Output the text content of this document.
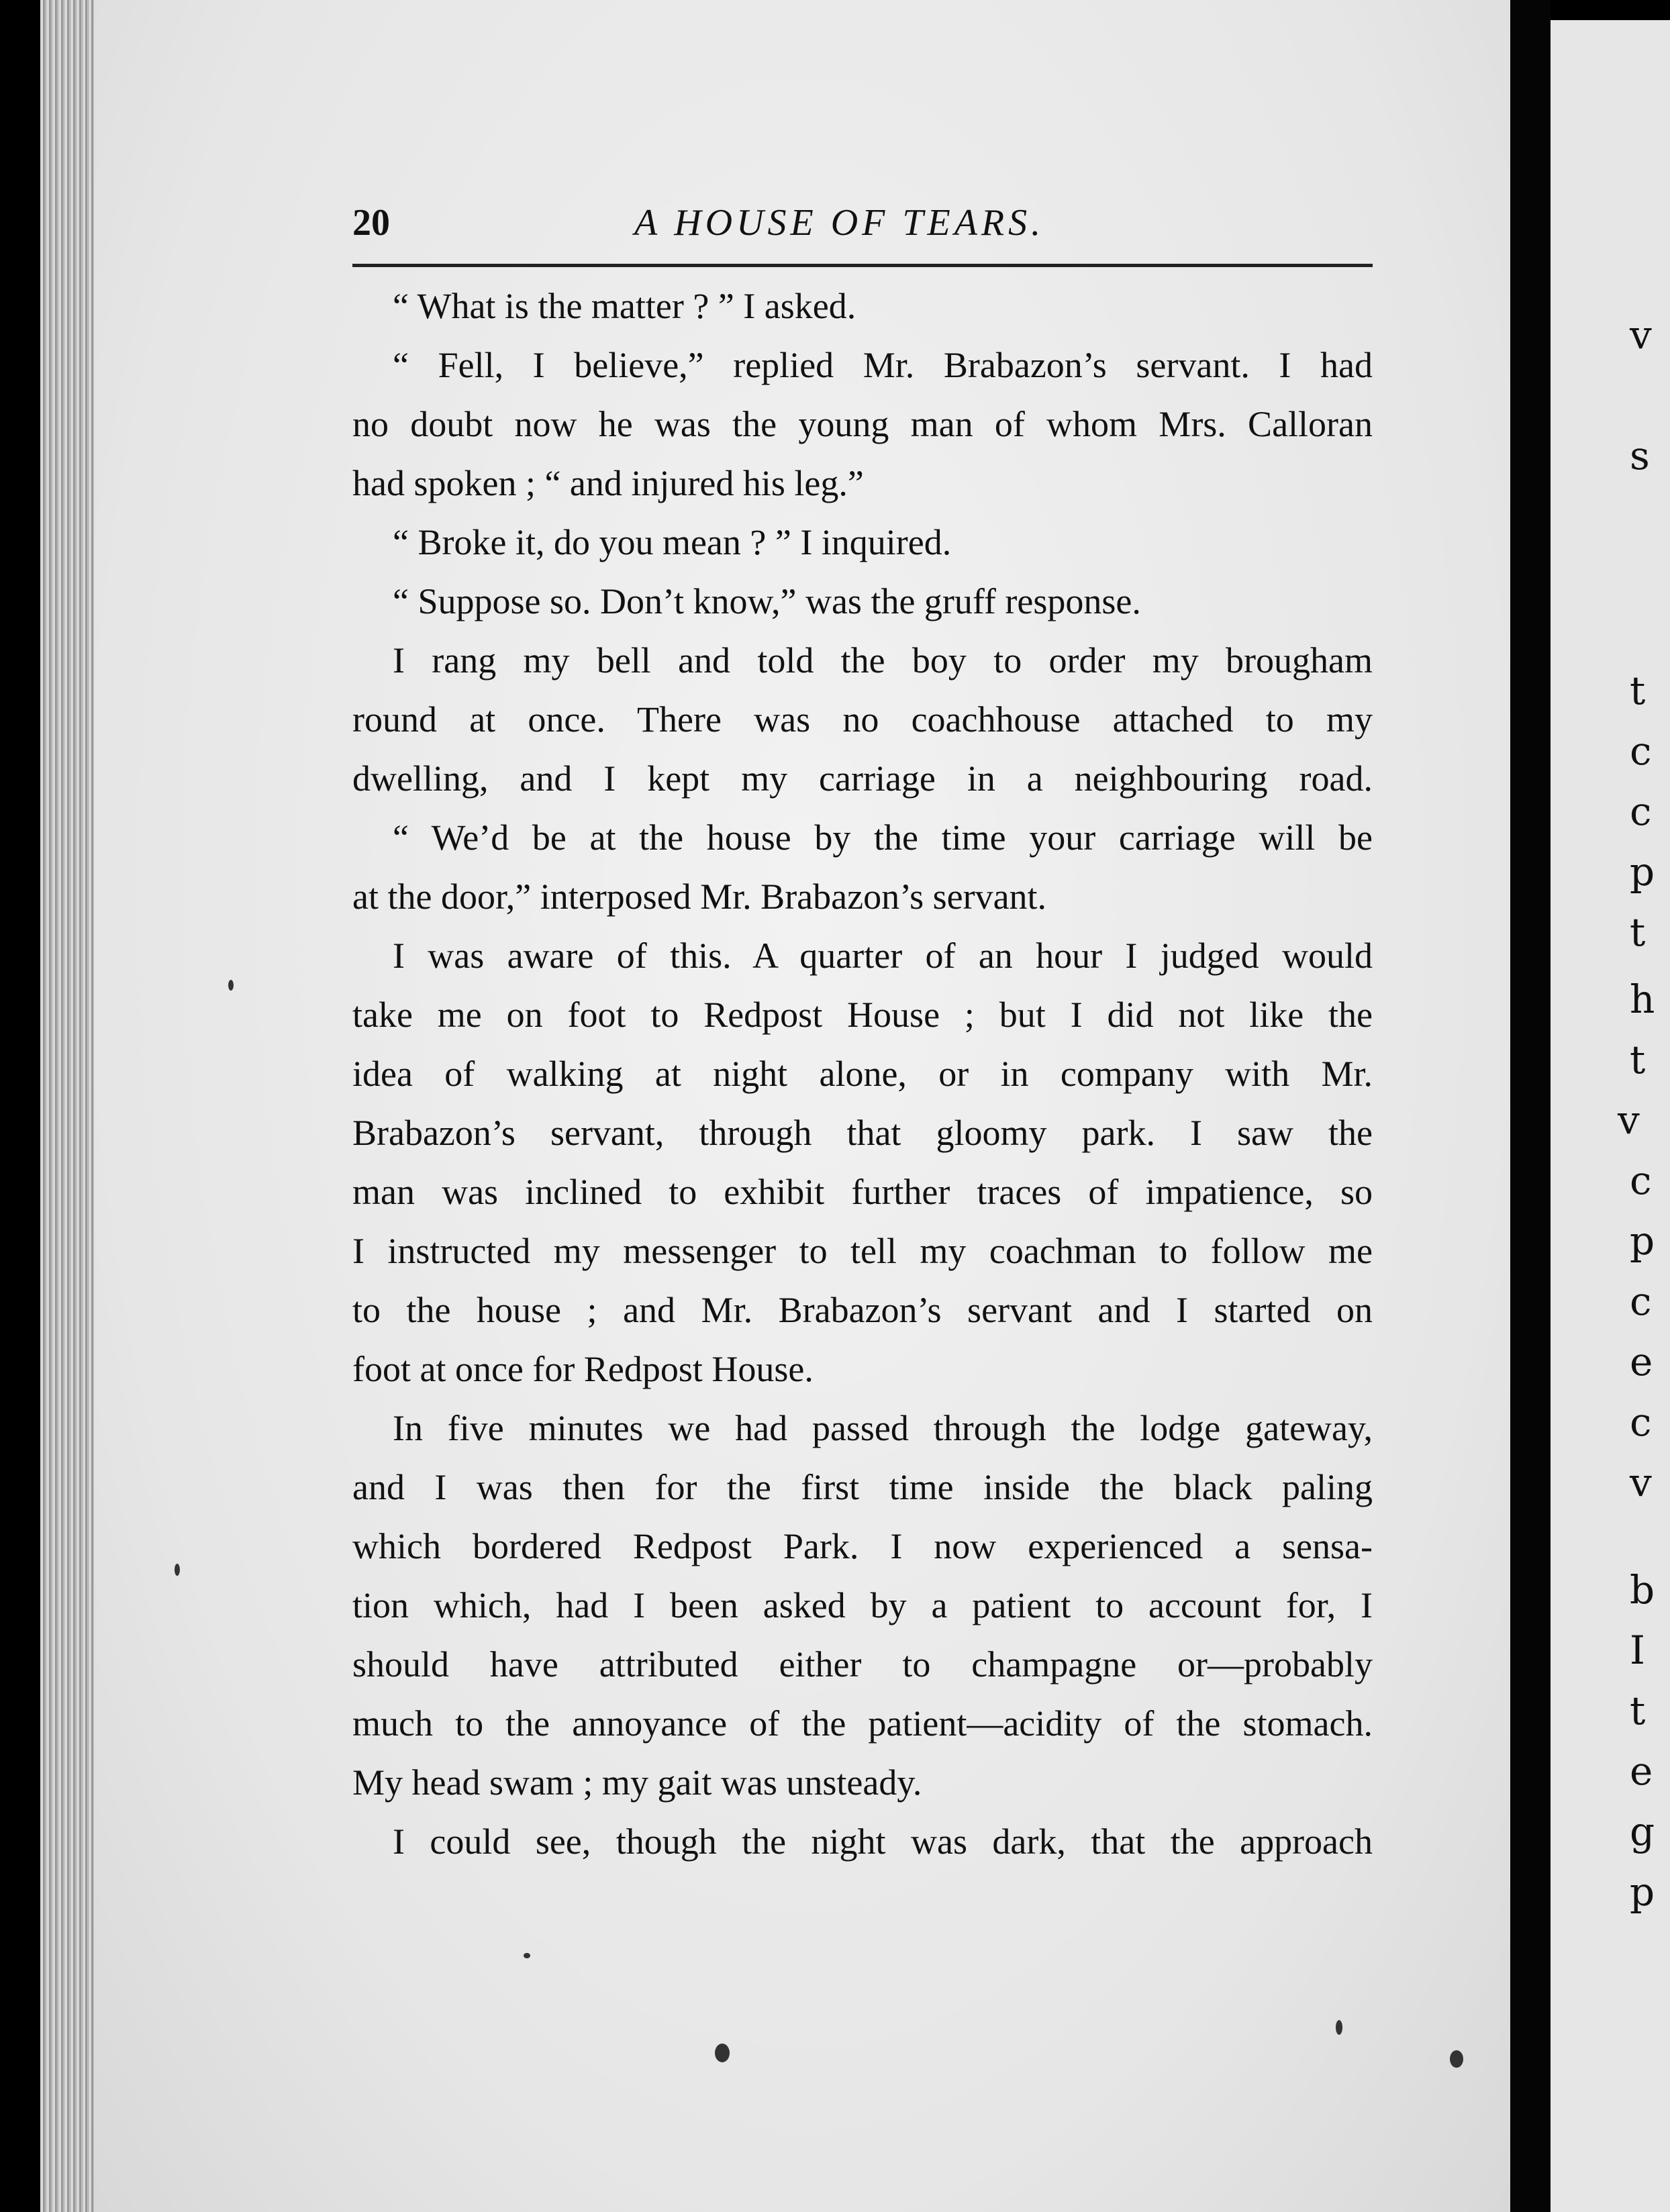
20	A HOUSE OF TEARS.
“ What is the matter ? ” I asked.
“ Fell, I believe,” replied Mr. Brabazon’s servant. I had
no doubt now he was the young man of whom Mrs. Calloran
had spoken ; “ and injured his leg.”
“ Broke it, do you mean ? ” I inquired.
“ Suppose so. Don’t know,” was the gruff response.
I rang my bell and told the boy to order my brougham
round at once. There was no coachhouse attached to my
dwelling, and I kept my carriage in a neighbouring road.
“ We’d be at the house by the time your carriage will be
at the door,” interposed Mr. Brabazon’s servant.
I was aware of this. A quarter of an hour I judged would
take me on foot to Redpost House ; but I did not like the
idea of walking at night alone, or in company with Mr.
Brabazon’s servant, through that gloomy park. I saw the
man was inclined to exhibit further traces of impatience, so
I instructed my messenger to tell my coachman to follow me
to the house ; and Mr. Brabazon’s servant and I started on
foot at once for Redpost House.
In five minutes we had passed through the lodge gateway,
and I was then for the first time inside the black paling
which bordered Redpost Park. I now experienced a sensa-
tion which, had I been asked by a patient to account for, I
should have attributed either to champagne or—probably
much to the annoyance of the patient—acidity of the stomach.
My head swam ; my gait was unsteady.
I could see, though the night was dark, that the approach
v
s
t
c
c
p
t
h
t
v
c
p
c
e
c
v
b
I
t
e
g
p
